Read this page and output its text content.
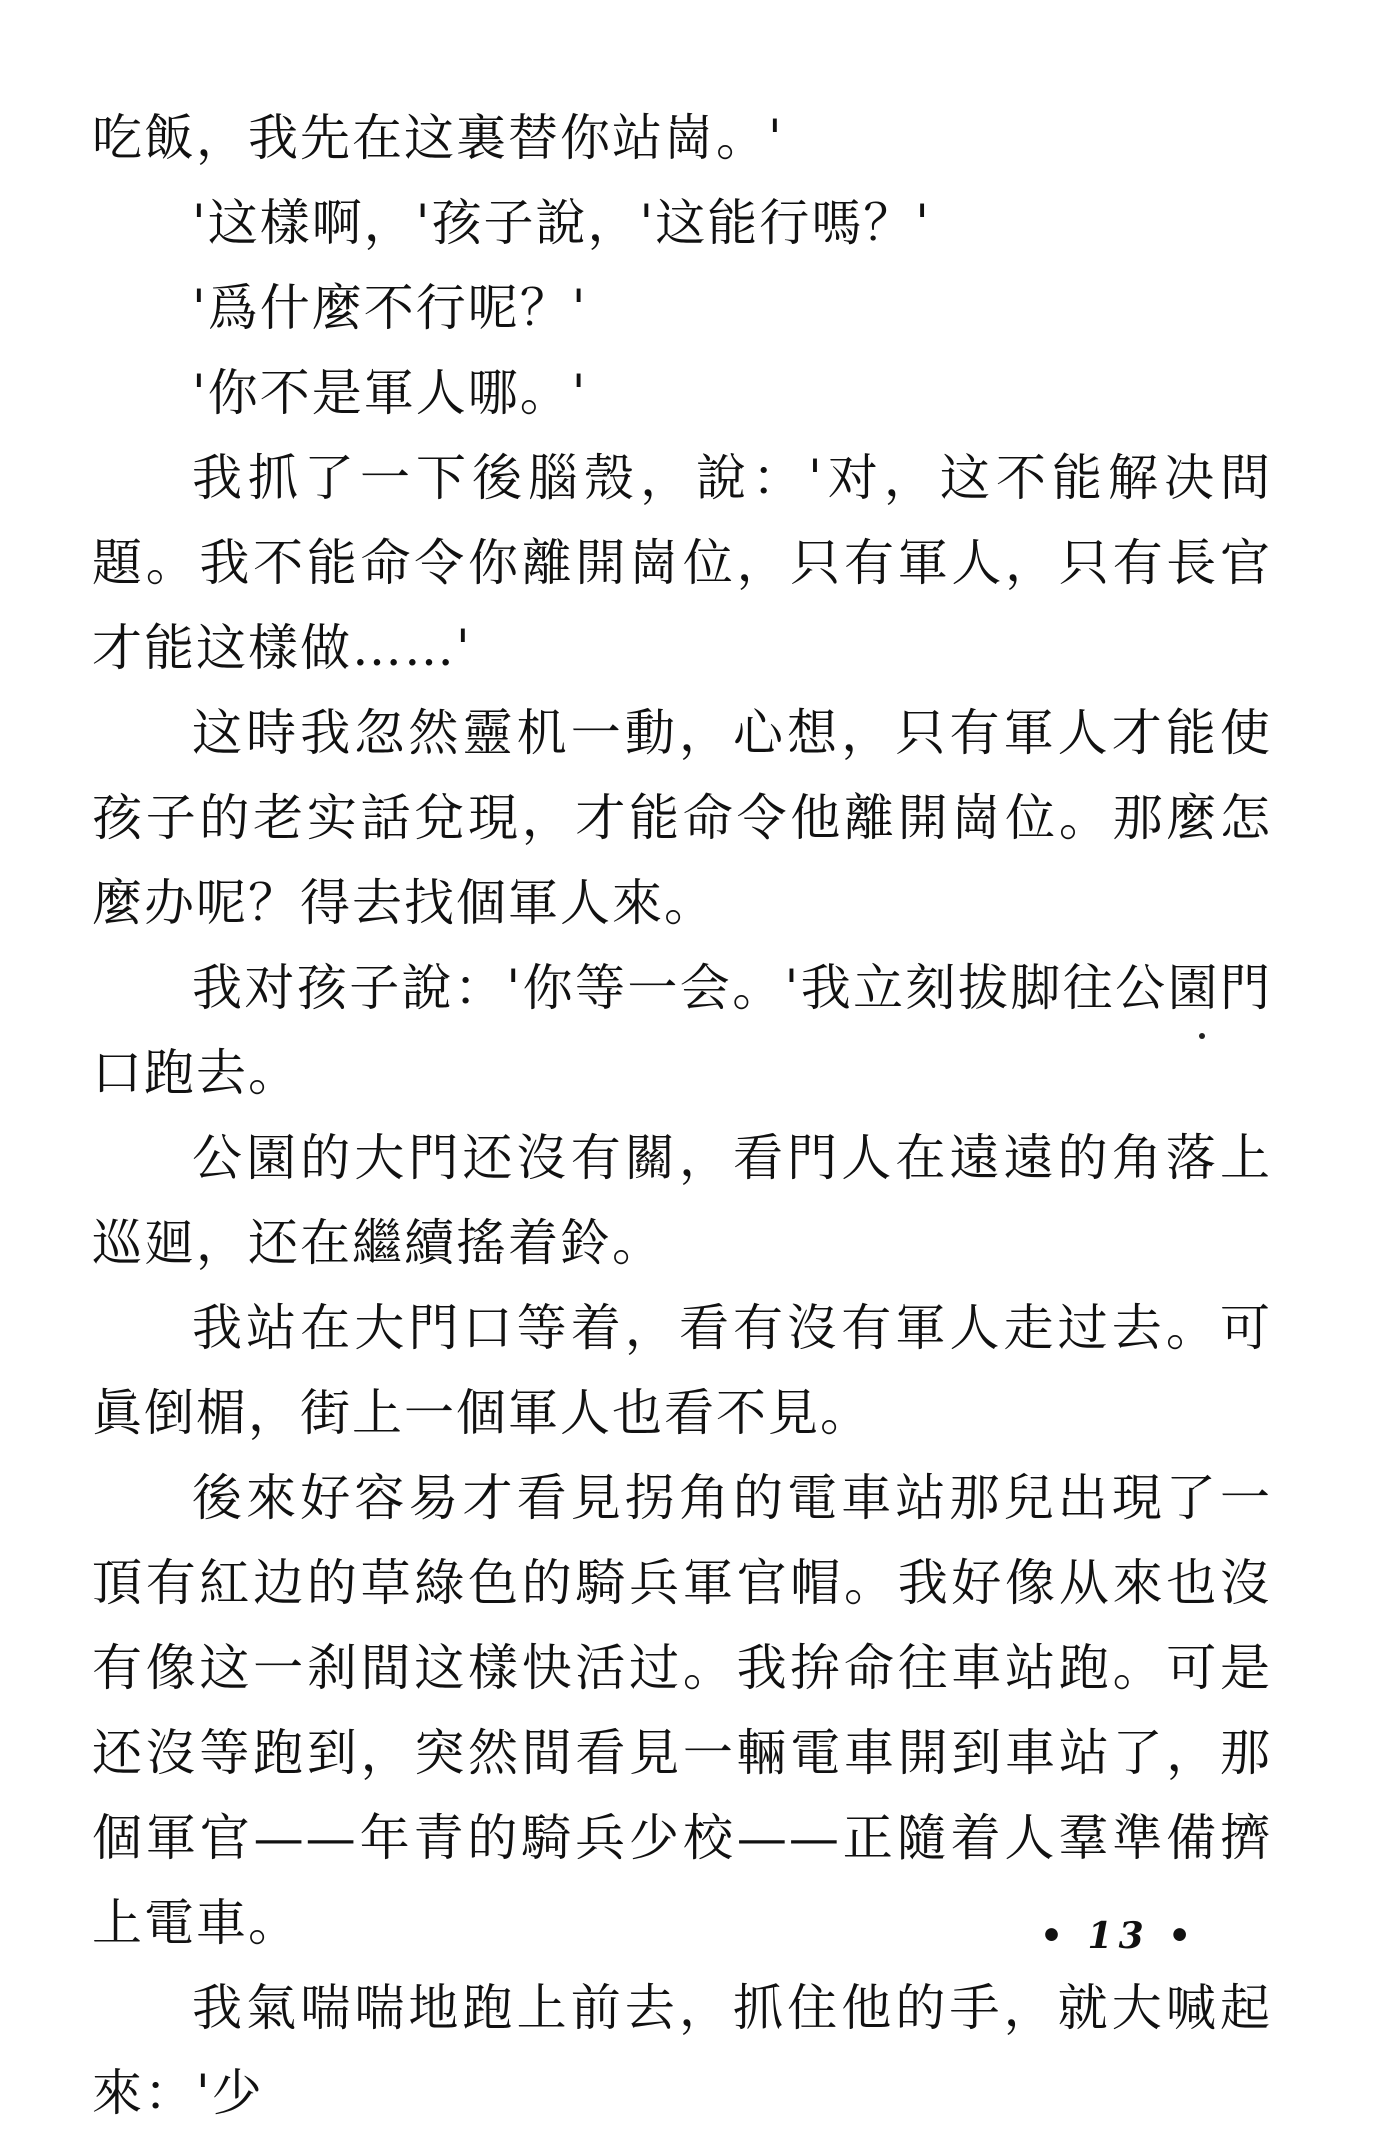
吃飯，我先在这裏替你站崗。'

'这樣啊，'孩子說，'这能行嗎？'

'爲什麼不行呢？'

'你不是軍人哪。'

我抓了一下後腦殼，說：'对，这不能解决問題。我不能命令你離開崗位，只有軍人，只有長官才能这樣做……'

这時我忽然靈机一動，心想，只有軍人才能使孩子的老实話兌現，才能命令他離開崗位。那麼怎麼办呢？得去找個軍人來。

我对孩子說：'你等一会。'我立刻拔脚往公園門口跑去。

公園的大門还沒有關，看門人在遠遠的角落上巡廻，还在繼續搖着鈴。

我站在大門口等着，看有沒有軍人走过去。可眞倒楣，街上一個軍人也看不見。

後來好容易才看見拐角的電車站那兒出現了一頂有紅边的草綠色的騎兵軍官帽。我好像从來也沒有像这一刹間这樣快活过。我拚命往車站跑。可是还沒等跑到，突然間看見一輛電車開到車站了，那個軍官——年青的騎兵少校——正隨着人羣準備擠上電車。

我氣喘喘地跑上前去，抓住他的手，就大喊起來：'少

• 13 •
